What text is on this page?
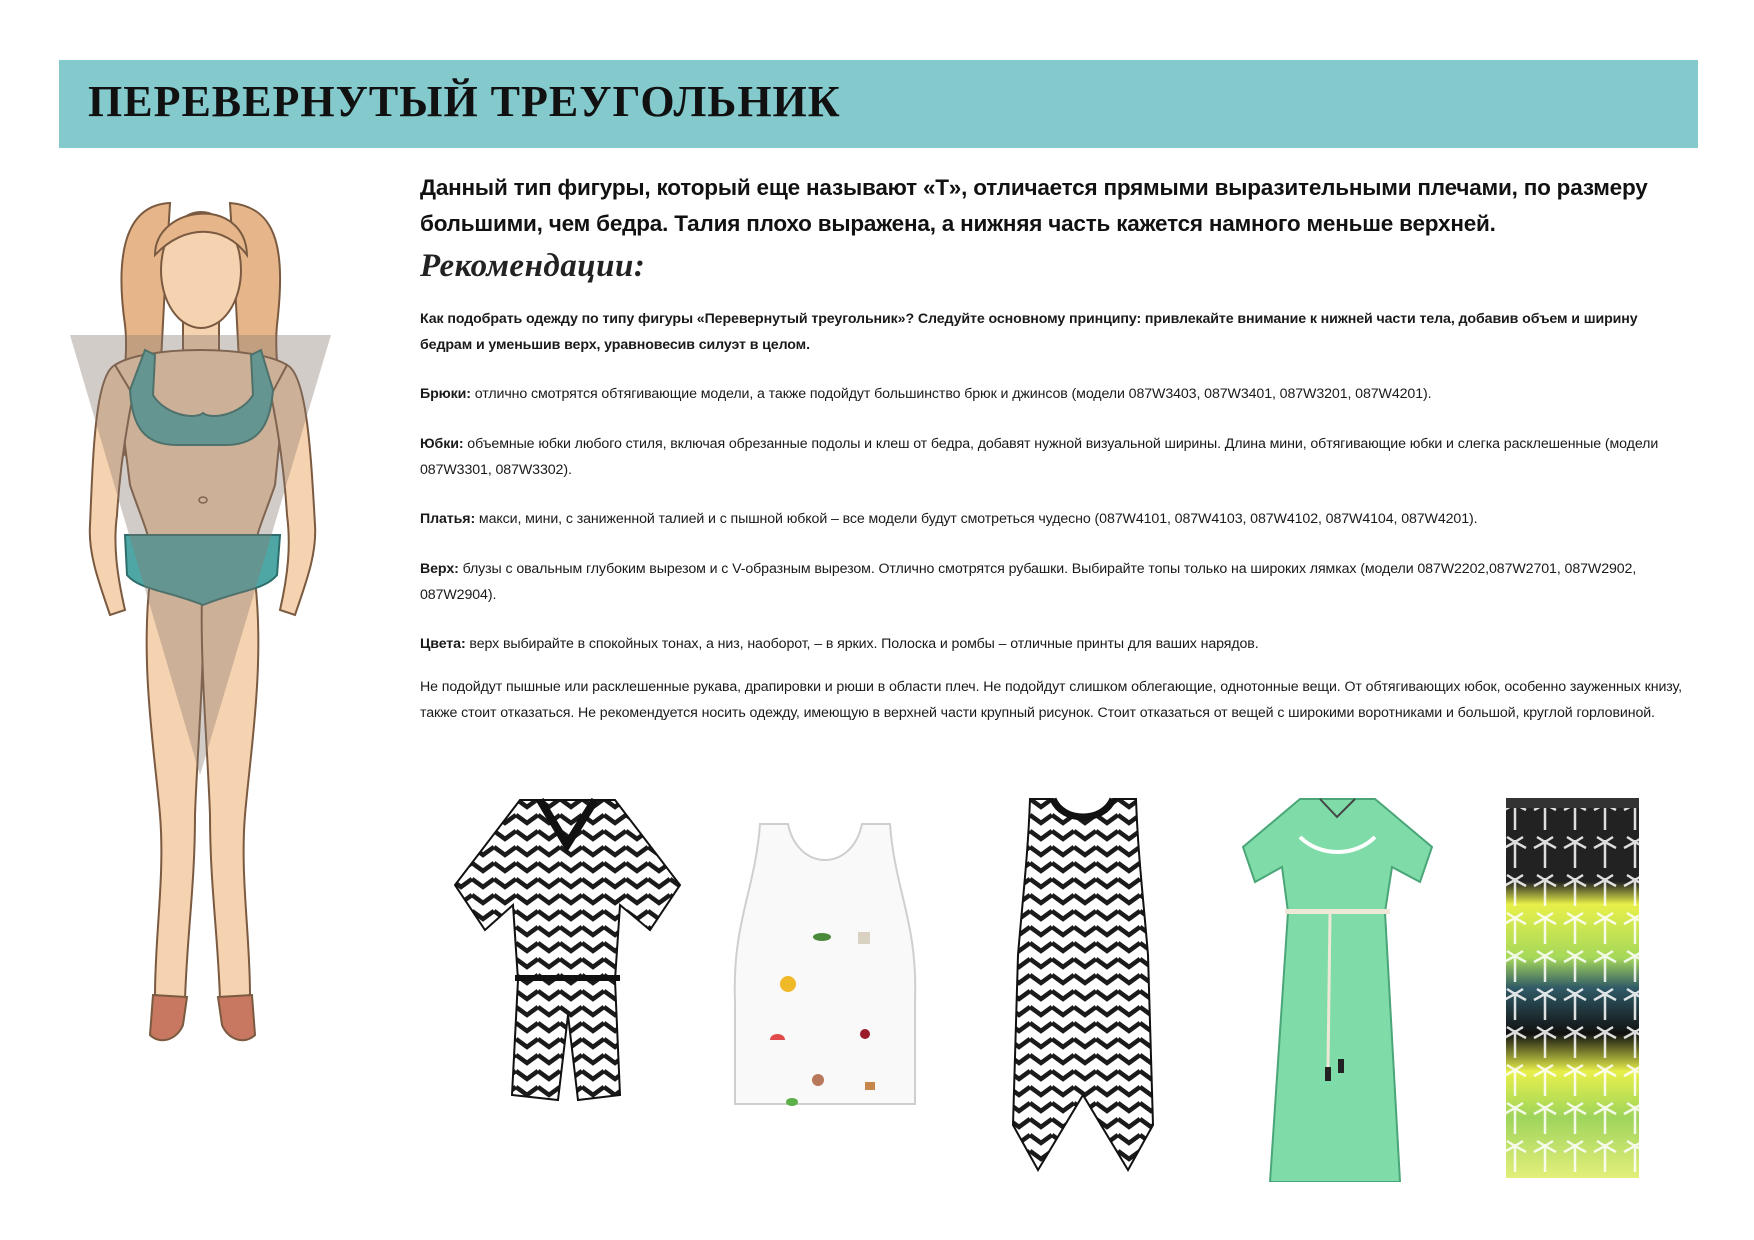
ПЕРЕВЕРНУТЫЙ ТРЕУГОЛЬНИК

Данный тип фигуры, который еще называют «Т», отличается прямыми выразительными плечами, по размеру большими, чем бедра. Талия плохо выражена, а нижняя часть кажется намного меньше верхней.

Рекомендации:

Как подобрать одежду по типу фигуры «Перевернутый треугольник»? Следуйте основному принципу: привлекайте внимание к нижней части тела, добавив объем и ширину бедрам и уменьшив верх, уравновесив силуэт в целом.

Брюки: отлично смотрятся обтягивающие модели, а также подойдут большинство брюк и джинсов (модели 087W3403, 087W3401, 087W3201, 087W4201).

Юбки: объемные юбки любого стиля, включая обрезанные подолы и клеш от бедра, добавят нужной визуальной ширины. Длина мини, обтягивающие юбки и слегка расклешенные (модели 087W3301, 087W3302).

Платья: макси, мини, с заниженной талией и с пышной юбкой – все модели будут смотреться чудесно (087W4101, 087W4103, 087W4102, 087W4104, 087W4201).

Верх: блузы с овальным глубоким вырезом и с V-образным вырезом. Отлично смотрятся рубашки. Выбирайте топы только на широких лямках (модели 087W2202,087W2701, 087W2902, 087W2904).

Цвета: верх выбирайте в спокойных тонах, а низ, наоборот, – в ярких. Полоска и ромбы – отличные принты для ваших нарядов.

Не подойдут пышные или расклешенные рукава, драпировки и рюши в области плеч. Не подойдут слишком облегающие, однотонные вещи. От обтягивающих юбок, особенно зауженных книзу, также стоит отказаться. Не рекомендуется носить одежду, имеющую в верхней части крупный рисунок. Стоит отказаться от вещей с широкими воротниками и большой, круглой горловиной.
